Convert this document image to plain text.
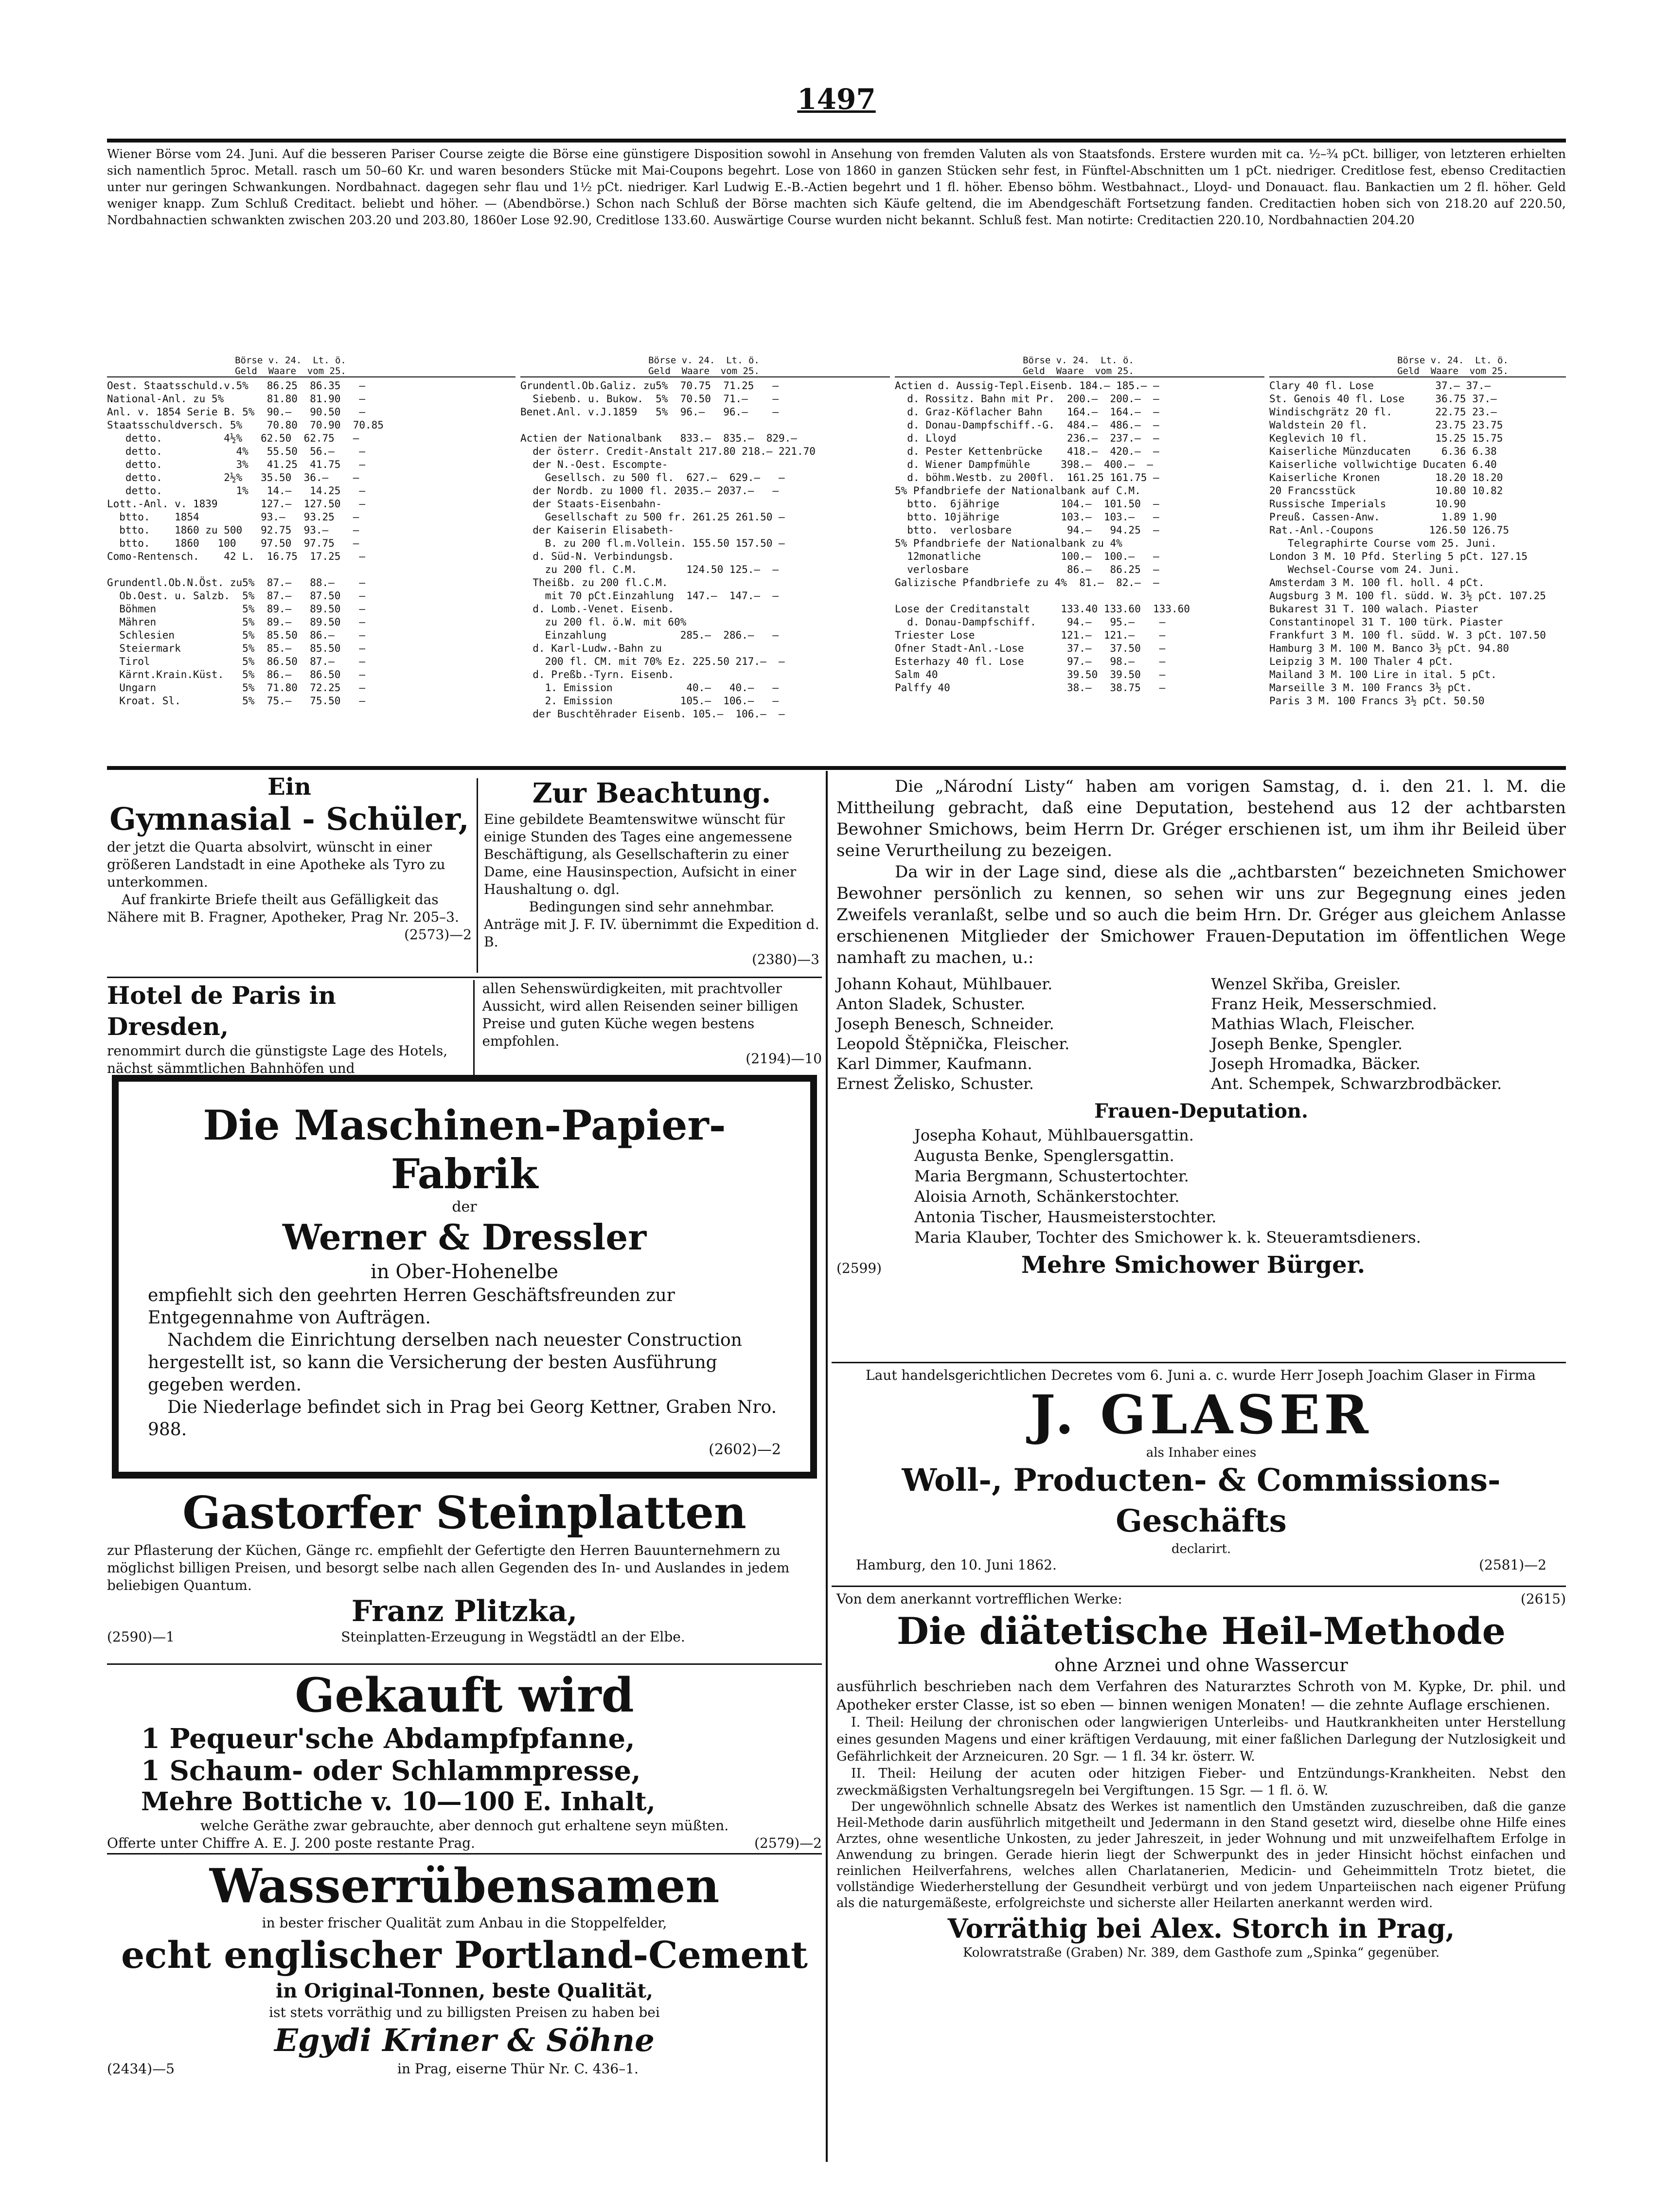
1497
Wiener Börse vom 24. Juni. Auf die besseren Pariser Course zeigte die Börse eine günstigere Disposition sowohl in Ansehung von fremden Valuten als von Staatsfonds. Erstere wurden mit ca. ½–¾ pCt. billiger, von letzteren erhielten sich namentlich 5proc. Metall. rasch um 50–60 Kr. und waren besonders Stücke mit Mai-Coupons begehrt. Lose von 1860 in ganzen Stücken sehr fest, in Fünftel-Abschnitten um 1 pCt. niedriger. Creditlose fest, ebenso Creditactien unter nur geringen Schwankungen. Nordbahnact. dagegen sehr flau und 1½ pCt. niedriger. Karl Ludwig E.-B.-Actien begehrt und 1 fl. höher. Ebenso böhm. Westbahnact., Lloyd- und Donauact. flau. Bankactien um 2 fl. höher. Geld weniger knapp. Zum Schluß Creditact. beliebt und höher. — (Abendbörse.) Schon nach Schluß der Börse machten sich Käufe geltend, die im Abendgeschäft Fortsetzung fanden. Creditactien hoben sich von 218.20 auf 220.50, Nordbahnactien schwankten zwischen 203.20 und 203.80, 1860er Lose 92.90, Creditlose 133.60. Auswärtige Course wurden nicht bekannt. Schluß fest. Man notirte: Creditactien 220.10, Nordbahnactien 204.20
Börse v. 24.  Lt. ö.
Geld  Waare  vom 25.
Oest. Staatsschuld.v.5%   86.25  86.35   —
National-Anl. zu 5%       81.80  81.90   —
Anl. v. 1854 Serie B. 5%  90.—   90.50   —
Staatsschuldversch. 5%    70.80  70.90  70.85
detto.          4½%   62.50  62.75   —
detto.            4%   55.50  56.—    —
detto.            3%   41.25  41.75   —
detto.          2½%   35.50  36.—    —
detto.            1%   14.—   14.25   —
Lott.-Anl. v. 1839       127.—  127.50   —
btto.    1854          93.—   93.25   —
btto.    1860 zu 500   92.75  93.—    —
btto.    1860   100    97.50  97.75   —
Como-Rentensch.    42 L.  16.75  17.25   —

Grundentl.Ob.N.Öst. zu5%  87.—   88.—    —
Ob.Oest. u. Salzb.  5%  87.—   87.50   —
Böhmen              5%  89.—   89.50   —
Mähren              5%  89.—   89.50   —
Schlesien           5%  85.50  86.—    —
Steiermark          5%  85.—   85.50   —
Tirol               5%  86.50  87.—    —
Kärnt.Krain.Küst.   5%  86.—   86.50   —
Ungarn              5%  71.80  72.25   —
Kroat. Sl.          5%  75.—   75.50   —
Börse v. 24.  Lt. ö.
Geld  Waare  vom 25.
Grundentl.Ob.Galiz. zu5%  70.75  71.25   —
Siebenb. u. Bukow.  5%  70.50  71.—    —
Benet.Anl. v.J.1859   5%  96.—   96.—    —

Actien der Nationalbank   833.—  835.—  829.—
der österr. Credit-Anstalt 217.80 218.— 221.70
der N.-Oest. Escompte-
Gesellsch. zu 500 fl.  627.—  629.—   —
der Nordb. zu 1000 fl. 2035.— 2037.—   —
der Staats-Eisenbahn-
Gesellschaft zu 500 fr. 261.25 261.50 —
der Kaiserin Elisabeth-
B. zu 200 fl.m.Vollein. 155.50 157.50 —
d. Süd-N. Verbindungsb.
zu 200 fl. C.M.        124.50 125.—  —
Theißb. zu 200 fl.C.M.
mit 70 pCt.Einzahlung  147.—  147.—  —
d. Lomb.-Venet. Eisenb.
zu 200 fl. ö.W. mit 60%
Einzahlung            285.—  286.—   —
d. Karl-Ludw.-Bahn zu
200 fl. CM. mit 70% Ez. 225.50 217.—  —
d. Preßb.-Tyrn. Eisenb.
1. Emission            40.—   40.—   —
2. Emission           105.—  106.—   —
der Buschtěhrader Eisenb. 105.—  106.—  —
Börse v. 24.  Lt. ö.
Geld  Waare  vom 25.
Actien d. Aussig-Tepl.Eisenb. 184.— 185.— —
d. Rossitz. Bahn mit Pr.  200.—  200.—  —
d. Graz-Köflacher Bahn    164.—  164.—  —
d. Donau-Dampfschiff.-G.  484.—  486.—  —
d. Lloyd                  236.—  237.—  —
d. Pester Kettenbrücke    418.—  420.—  —
d. Wiener Dampfmühle     398.—  400.—  —
d. böhm.Westb. zu 200fl.  161.25 161.75 —
5% Pfandbriefe der Nationalbank auf C.M.
btto.  6jährige          104.—  101.50  —
btto. 10jährige          103.—  103.—   —
btto.  verlosbare         94.—   94.25  —
5% Pfandbriefe der Nationalbank zu 4%
12monatliche             100.—  100.—   —
verlosbare                86.—   86.25  —
Galizische Pfandbriefe zu 4%  81.—  82.—  —

Lose der Creditanstalt     133.40 133.60  133.60
d. Donau-Dampfschiff.     94.—   95.—    —
Triester Lose              121.—  121.—    —
Ofner Stadt-Anl.-Lose       37.—   37.50   —
Esterhazy 40 fl. Lose       97.—   98.—    —
Salm 40                     39.50  39.50   —
Palffy 40                   38.—   38.75   —
Börse v. 24.  Lt. ö.
Geld  Waare  vom 25.
Clary 40 fl. Lose          37.— 37.—
St. Genois 40 fl. Lose     36.75 37.—
Windischgrätz 20 fl.       22.75 23.—
Waldstein 20 fl.           23.75 23.75
Keglevich 10 fl.           15.25 15.75
Kaiserliche Münzducaten     6.36 6.38
Kaiserliche vollwichtige Ducaten 6.40
Kaiserliche Kronen         18.20 18.20
20 Francsstück             10.80 10.82
Russische Imperials        10.90
Preuß. Cassen-Anw.          1.89 1.90
Rat.-Anl.-Coupons         126.50 126.75
Telegraphirte Course vom 25. Juni.
London 3 M. 10 Pfd. Sterling 5 pCt. 127.15
Wechsel-Course vom 24. Juni.
Amsterdam 3 M. 100 fl. holl. 4 pCt.
Augsburg 3 M. 100 fl. südd. W. 3½ pCt. 107.25
Bukarest 31 T. 100 walach. Piaster
Constantinopel 31 T. 100 türk. Piaster
Frankfurt 3 M. 100 fl. südd. W. 3 pCt. 107.50
Hamburg 3 M. 100 M. Banco 3½ pCt. 94.80
Leipzig 3 M. 100 Thaler 4 pCt.
Mailand 3 M. 100 Lire in ital. 5 pCt.
Marseille 3 M. 100 Francs 3½ pCt.
Paris 3 M. 100 Francs 3½ pCt. 50.50
Ein
Gymnasial - Schüler,
der jetzt die Quarta absolvirt, wünscht in einer größeren Landstadt in eine Apotheke als Tyro zu unterkommen.
Auf frankirte Briefe theilt aus Gefälligkeit das Nähere mit B. Fragner, Apotheker, Prag Nr. 205–3.
(2573)—2
Zur Beachtung.
Eine gebildete Beamtenswitwe wünscht für einige Stunden des Tages eine angemessene Beschäftigung, als Gesellschafterin zu einer Dame, eine Hausinspection, Aufsicht in einer Haushaltung o. dgl.
Bedingungen sind sehr annehmbar.
Anträge mit J. F. IV. übernimmt die Expedition d. B.
(2380)—3
Hotel de Paris in Dresden,
renommirt durch die günstigste Lage des Hotels, nächst sämmtlichen Bahnhöfen und
allen Sehenswürdigkeiten, mit prachtvoller Aussicht, wird allen Reisenden seiner billigen Preise und guten Küche wegen bestens empfohlen.
(2194)—10
Die Maschinen-Papier-Fabrik
der
Werner & Dressler
in Ober-Hohenelbe
empfiehlt sich den geehrten Herren Geschäftsfreunden zur Entgegennahme von Aufträgen.
Nachdem die Einrichtung derselben nach neuester Construction hergestellt ist, so kann die Versicherung der besten Ausführung gegeben werden.
Die Niederlage befindet sich in Prag bei Georg Kettner, Graben Nro. 988.
(2602)—2
Gastorfer Steinplatten
zur Pflasterung der Küchen, Gänge rc. empfiehlt der Gefertigte den Herren Bauunternehmern zu möglichst billigen Preisen, und besorgt selbe nach allen Gegenden des In- und Auslandes in jedem beliebigen Quantum.
Franz Plitzka,
(2590)—1	Steinplatten-Erzeugung in Wegstädtl an der Elbe.
Gekauft wird
1 Pequeur'sche Abdampfpfanne,
1 Schaum- oder Schlammpresse,
Mehre Bottiche v. 10—100 E. Inhalt,
welche Geräthe zwar gebrauchte, aber dennoch gut erhaltene seyn müßten.
Offerte unter Chiffre A. E. J. 200 poste restante Prag.	(2579)—2
Wasserrübensamen
in bester frischer Qualität zum Anbau in die Stoppelfelder,
echt englischer Portland-Cement
in Original-Tonnen, beste Qualität,
ist stets vorräthig und zu billigsten Preisen zu haben bei
Egydi Kriner & Söhne
(2434)—5	in Prag, eiserne Thür Nr. C. 436–1.
Die „Národní Listy“ haben am vorigen Samstag, d. i. den 21. l. M. die Mittheilung gebracht, daß eine Deputation, bestehend aus 12 der achtbarsten Bewohner Smichows, beim Herrn Dr. Gréger erschienen ist, um ihm ihr Beileid über seine Verurtheilung zu bezeigen.
Da wir in der Lage sind, diese als die „achtbarsten“ bezeichneten Smichower Bewohner persönlich zu kennen, so sehen wir uns zur Begegnung eines jeden Zweifels veranlaßt, selbe und so auch die beim Hrn. Dr. Gréger aus gleichem Anlasse erschienenen Mitglieder der Smichower Frauen-Deputation im öffentlichen Wege namhaft zu machen, u.:
Johann Kohaut, Mühlbauer.
Anton Sladek, Schuster.
Joseph Benesch, Schneider.
Leopold Štěpnička, Fleischer.
Karl Dimmer, Kaufmann.
Ernest Želisko, Schuster.
Wenzel Skřiba, Greisler.
Franz Heik, Messerschmied.
Mathias Wlach, Fleischer.
Joseph Benke, Spengler.
Joseph Hromadka, Bäcker.
Ant. Schempek, Schwarzbrodbäcker.
Frauen-Deputation.
Josepha Kohaut, Mühlbauersgattin.
Augusta Benke, Spenglersgattin.
Maria Bergmann, Schustertochter.
Aloisia Arnoth, Schänkerstochter.
Antonia Tischer, Hausmeisterstochter.
Maria Klauber, Tochter des Smichower k. k. Steueramtsdieners.
(2599)	Mehre Smichower Bürger.
Laut handelsgerichtlichen Decretes vom 6. Juni a. c. wurde Herr Joseph Joachim Glaser in Firma
J. GLASER
als Inhaber eines
Woll-, Producten- & Commissions-Geschäfts
declarirt.
Hamburg, den 10. Juni 1862.	(2581)—2
Von dem anerkannt vortrefflichen Werke:	(2615)
Die diätetische Heil-Methode
ohne Arznei und ohne Wassercur
ausführlich beschrieben nach dem Verfahren des Naturarztes Schroth von M. Kypke, Dr. phil. und Apotheker erster Classe, ist so eben — binnen wenigen Monaten! — die zehnte Auflage erschienen.
I. Theil: Heilung der chronischen oder langwierigen Unterleibs- und Hautkrankheiten unter Herstellung eines gesunden Magens und einer kräftigen Verdauung, mit einer faßlichen Darlegung der Nutzlosigkeit und Gefährlichkeit der Arzneicuren. 20 Sgr. — 1 fl. 34 kr. österr. W.
II. Theil: Heilung der acuten oder hitzigen Fieber- und Entzündungs-Krankheiten. Nebst den zweckmäßigsten Verhaltungsregeln bei Vergiftungen. 15 Sgr. — 1 fl. ö. W.
Der ungewöhnlich schnelle Absatz des Werkes ist namentlich den Umständen zuzuschreiben, daß die ganze Heil-Methode darin ausführlich mitgetheilt und Jedermann in den Stand gesetzt wird, dieselbe ohne Hilfe eines Arztes, ohne wesentliche Unkosten, zu jeder Jahreszeit, in jeder Wohnung und mit unzweifelhaftem Erfolge in Anwendung zu bringen. Gerade hierin liegt der Schwerpunkt des in jeder Hinsicht höchst einfachen und reinlichen Heilverfahrens, welches allen Charlatanerien, Medicin- und Geheimmitteln Trotz bietet, die vollständige Wiederherstellung der Gesundheit verbürgt und von jedem Unparteiischen nach eigener Prüfung als die naturgemäßeste, erfolgreichste und sicherste aller Heilarten anerkannt werden wird.
Vorräthig bei Alex. Storch in Prag,
Kolowratstraße (Graben) Nr. 389, dem Gasthofe zum „Spinka“ gegenüber.
